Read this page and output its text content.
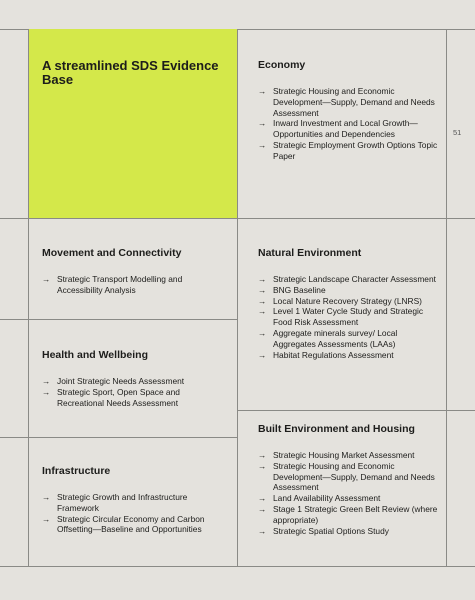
A streamlined SDS Evidence Base
51
Economy
→ Strategic Housing and Economic Development—Supply, Demand and Needs Assessment
→ Inward Investment and Local Growth—Opportunities and Dependencies
→ Strategic Employment Growth Options Topic Paper
Movement and Connectivity
→ Strategic Transport Modelling and Accessibility Analysis
Natural Environment
→ Strategic Landscape Character Assessment
→ BNG Baseline
→ Local Nature Recovery Strategy (LNRS)
→ Level 1 Water Cycle Study and Strategic Food Risk Assessment
→ Aggregate minerals survey/ Local Aggregates Assessments (LAAs)
→ Habitat Regulations Assessment
Health and Wellbeing
→ Joint Strategic Needs Assessment
→ Strategic Sport, Open Space and Recreational Needs Assessment
Built Environment and Housing
→ Strategic Housing Market Assessment
→ Strategic Housing and Economic Development—Supply, Demand and Needs Assessment
→ Land Availability Assessment
→ Stage 1 Strategic Green Belt Review (where appropriate)
→ Strategic Spatial Options Study
Infrastructure
→ Strategic Growth and Infrastructure Framework
→ Strategic Circular Economy and Carbon Offsetting—Baseline and Opportunities
